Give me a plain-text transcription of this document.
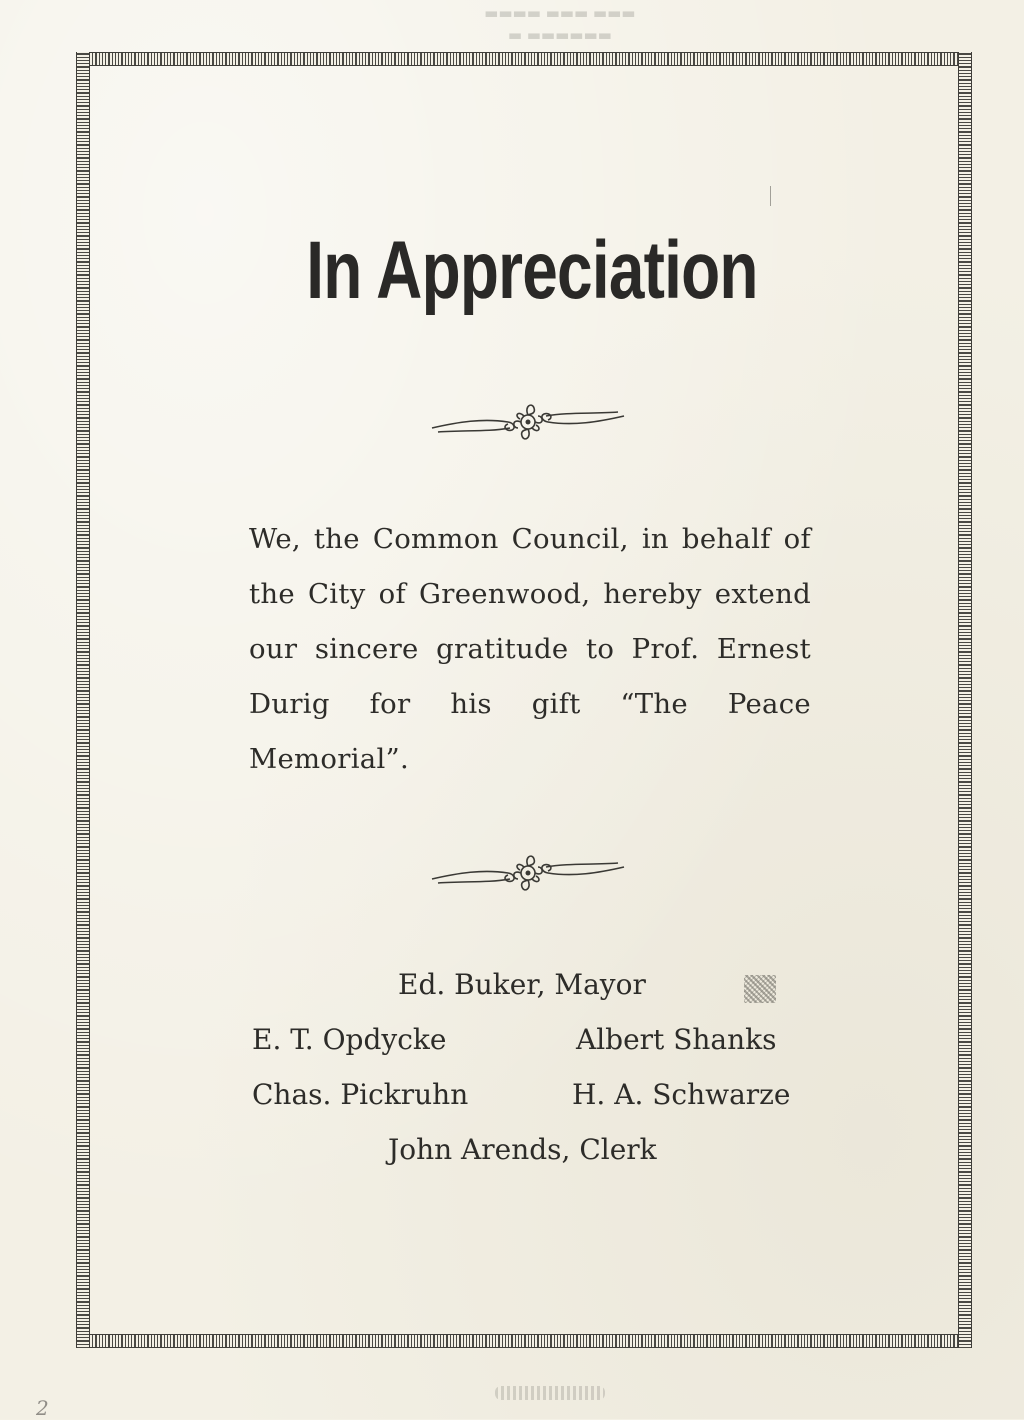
▬▬▬ ▬▬▬ ▬▬▬▬
▬▬▬▬▬▬ ▬
In Appreciation
We, the Common Council, in behalf of the City of Greenwood, hereby extend our sincere gratitude to Prof. Ernest Durig for his gift “The Peace Memorial”.
Ed. Buker, Mayor
E. T. Opdycke	Albert Shanks
Chas. Pickruhn	H. A. Schwarze
John Arends, Clerk
2
